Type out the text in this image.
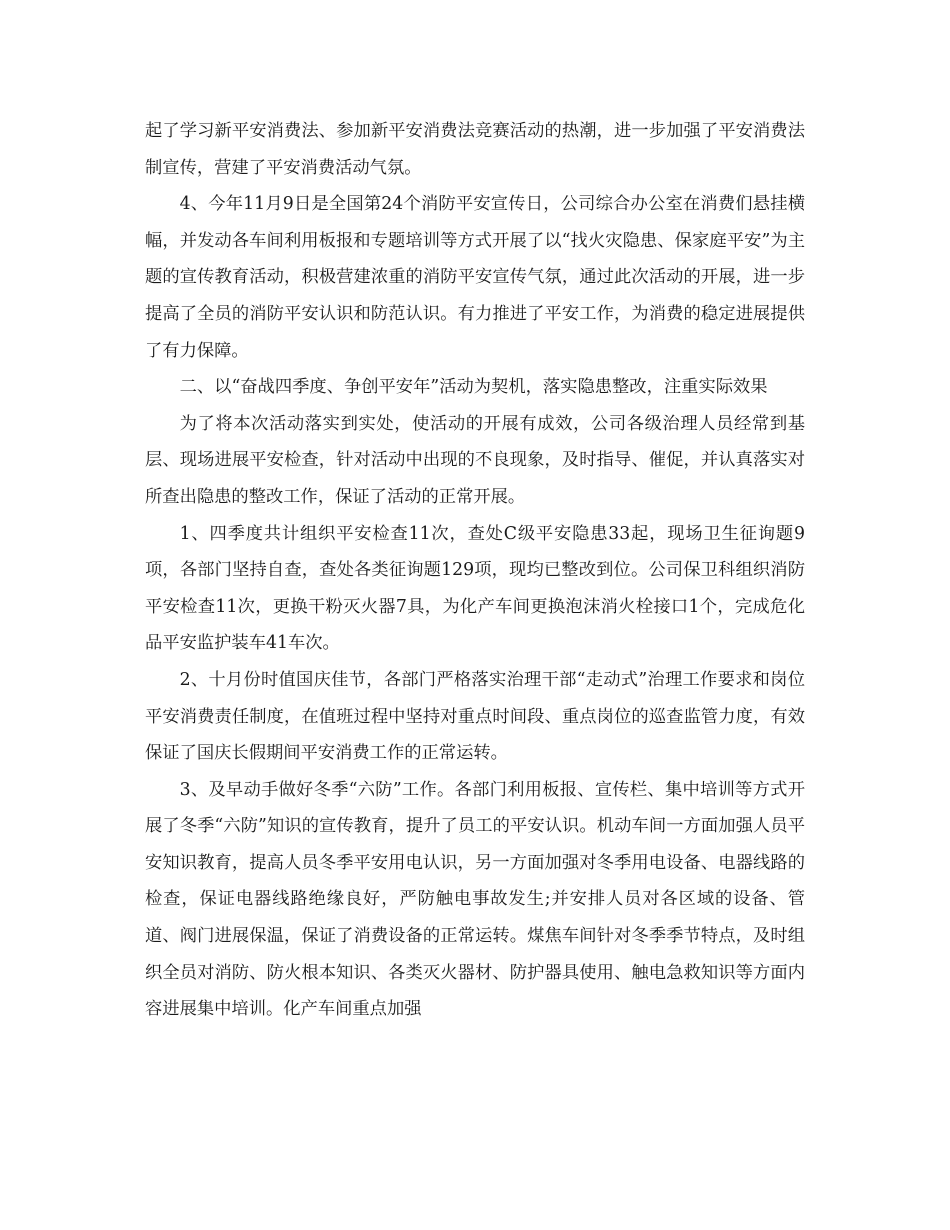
起了学习新平安消费法、参加新平安消费法竞赛活动的热潮，进一步加强了平安消费法制宣传，营建了平安消费活动气氛。

4、今年11月9日是全国第24个消防平安宣传日，公司综合办公室在消费们悬挂横幅，并发动各车间利用板报和专题培训等方式开展了以“找火灾隐患、保家庭平安”为主题的宣传教育活动，积极营建浓重的消防平安宣传气氛，通过此次活动的开展，进一步提高了全员的消防平安认识和防范认识。有力推进了平安工作，为消费的稳定进展提供了有力保障。

二、以“奋战四季度、争创平安年”活动为契机，落实隐患整改，注重实际效果

为了将本次活动落实到实处，使活动的开展有成效，公司各级治理人员经常到基层、现场进展平安检查，针对活动中出现的不良现象，及时指导、催促，并认真落实对所查出隐患的整改工作，保证了活动的正常开展。

1、四季度共计组织平安检查11次，查处C级平安隐患33起，现场卫生征询题9项，各部门坚持自查，查处各类征询题129项，现均已整改到位。公司保卫科组织消防平安检查11次，更换干粉灭火器7具，为化产车间更换泡沫消火栓接口1个，完成危化品平安监护装车41车次。

2、十月份时值国庆佳节，各部门严格落实治理干部“走动式”治理工作要求和岗位平安消费责任制度，在值班过程中坚持对重点时间段、重点岗位的巡查监管力度，有效保证了国庆长假期间平安消费工作的正常运转。

3、及早动手做好冬季“六防”工作。各部门利用板报、宣传栏、集中培训等方式开展了冬季“六防”知识的宣传教育，提升了员工的平安认识。机动车间一方面加强人员平安知识教育，提高人员冬季平安用电认识，另一方面加强对冬季用电设备、电器线路的检查，保证电器线路绝缘良好，严防触电事故发生;并安排人员对各区域的设备、管道、阀门进展保温，保证了消费设备的正常运转。煤焦车间针对冬季季节特点，及时组织全员对消防、防火根本知识、各类灭火器材、防护器具使用、触电急救知识等方面内容进展集中培训。化产车间重点加强
